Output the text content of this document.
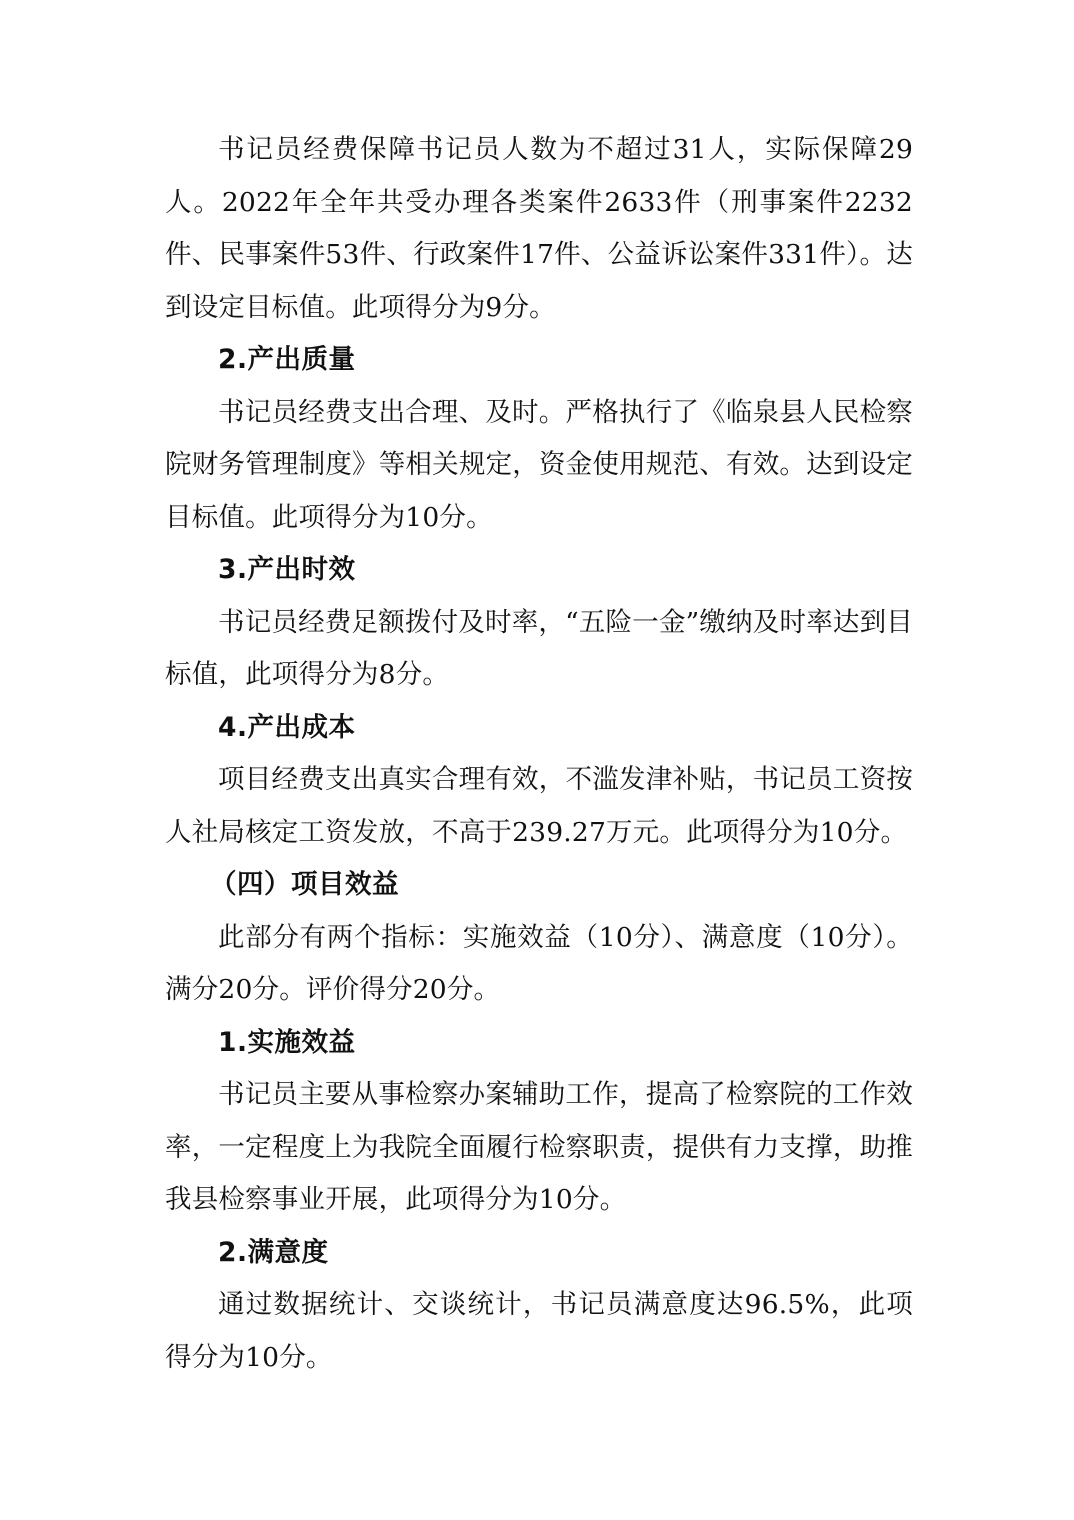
书记员经费保障书记员人数为不超过31人，实际保障29人。2022年全年共受办理各类案件2633件（刑事案件2232件、民事案件53件、行政案件17件、公益诉讼案件331件）。达到设定目标值。此项得分为9分。

2.产出质量

书记员经费支出合理、及时。严格执行了《临泉县人民检察院财务管理制度》等相关规定，资金使用规范、有效。达到设定目标值。此项得分为10分。

3.产出时效

书记员经费足额拨付及时率，“五险一金”缴纳及时率达到目标值，此项得分为8分。

4.产出成本

项目经费支出真实合理有效，不滥发津补贴，书记员工资按人社局核定工资发放，不高于239.27万元。此项得分为10分。

（四）项目效益

此部分有两个指标：实施效益（10分）、满意度（10分）。满分20分。评价得分20分。

1.实施效益

书记员主要从事检察办案辅助工作，提高了检察院的工作效率，一定程度上为我院全面履行检察职责，提供有力支撑，助推我县检察事业开展，此项得分为10分。

2.满意度

通过数据统计、交谈统计，书记员满意度达96.5%，此项得分为10分。
